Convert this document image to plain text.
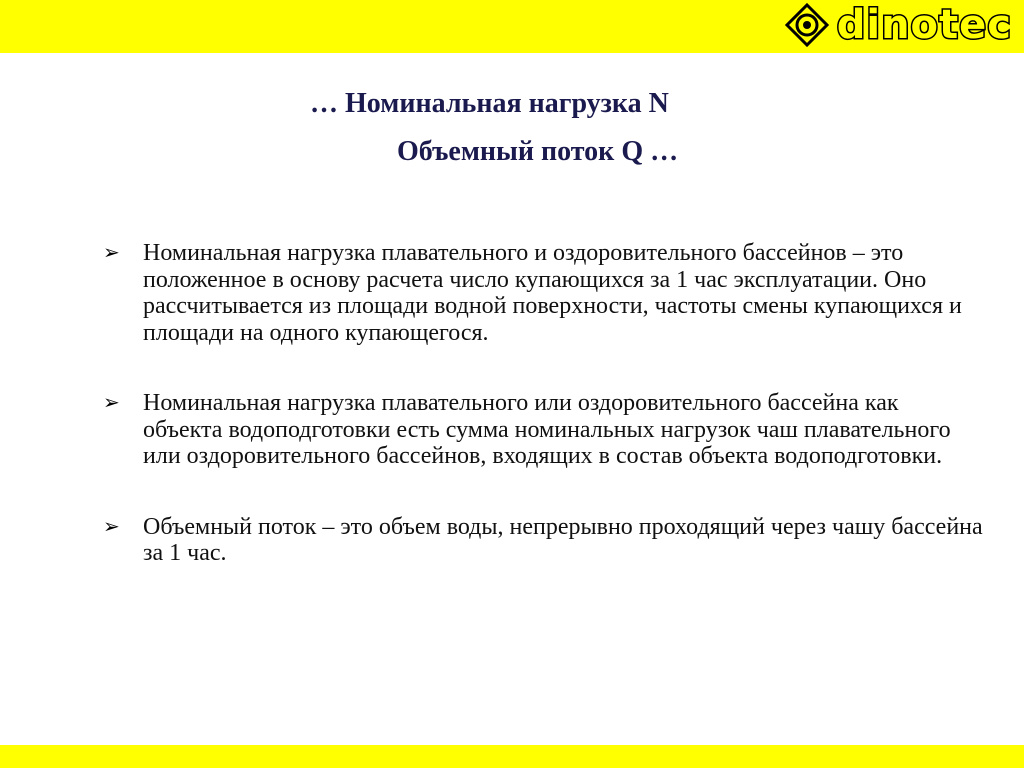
dinotec
… Номинальная нагрузка N
Объемный поток Q …
➢ Номинальная нагрузка плавательного и оздоровительного бассейнов – это положенное в основу расчета число купающихся за 1 час эксплуатации. Оно рассчитывается из площади водной поверхности, частоты смены купающихся и площади на одного купающегося.
➢ Номинальная нагрузка плавательного или оздоровительного бассейна как объекта водоподготовки есть сумма номинальных нагрузок чаш плавательного или оздоровительного бассейнов, входящих в состав объекта водоподготовки.
➢ Объемный поток – это объем воды, непрерывно проходящий через чашу бассейна за 1 час.
